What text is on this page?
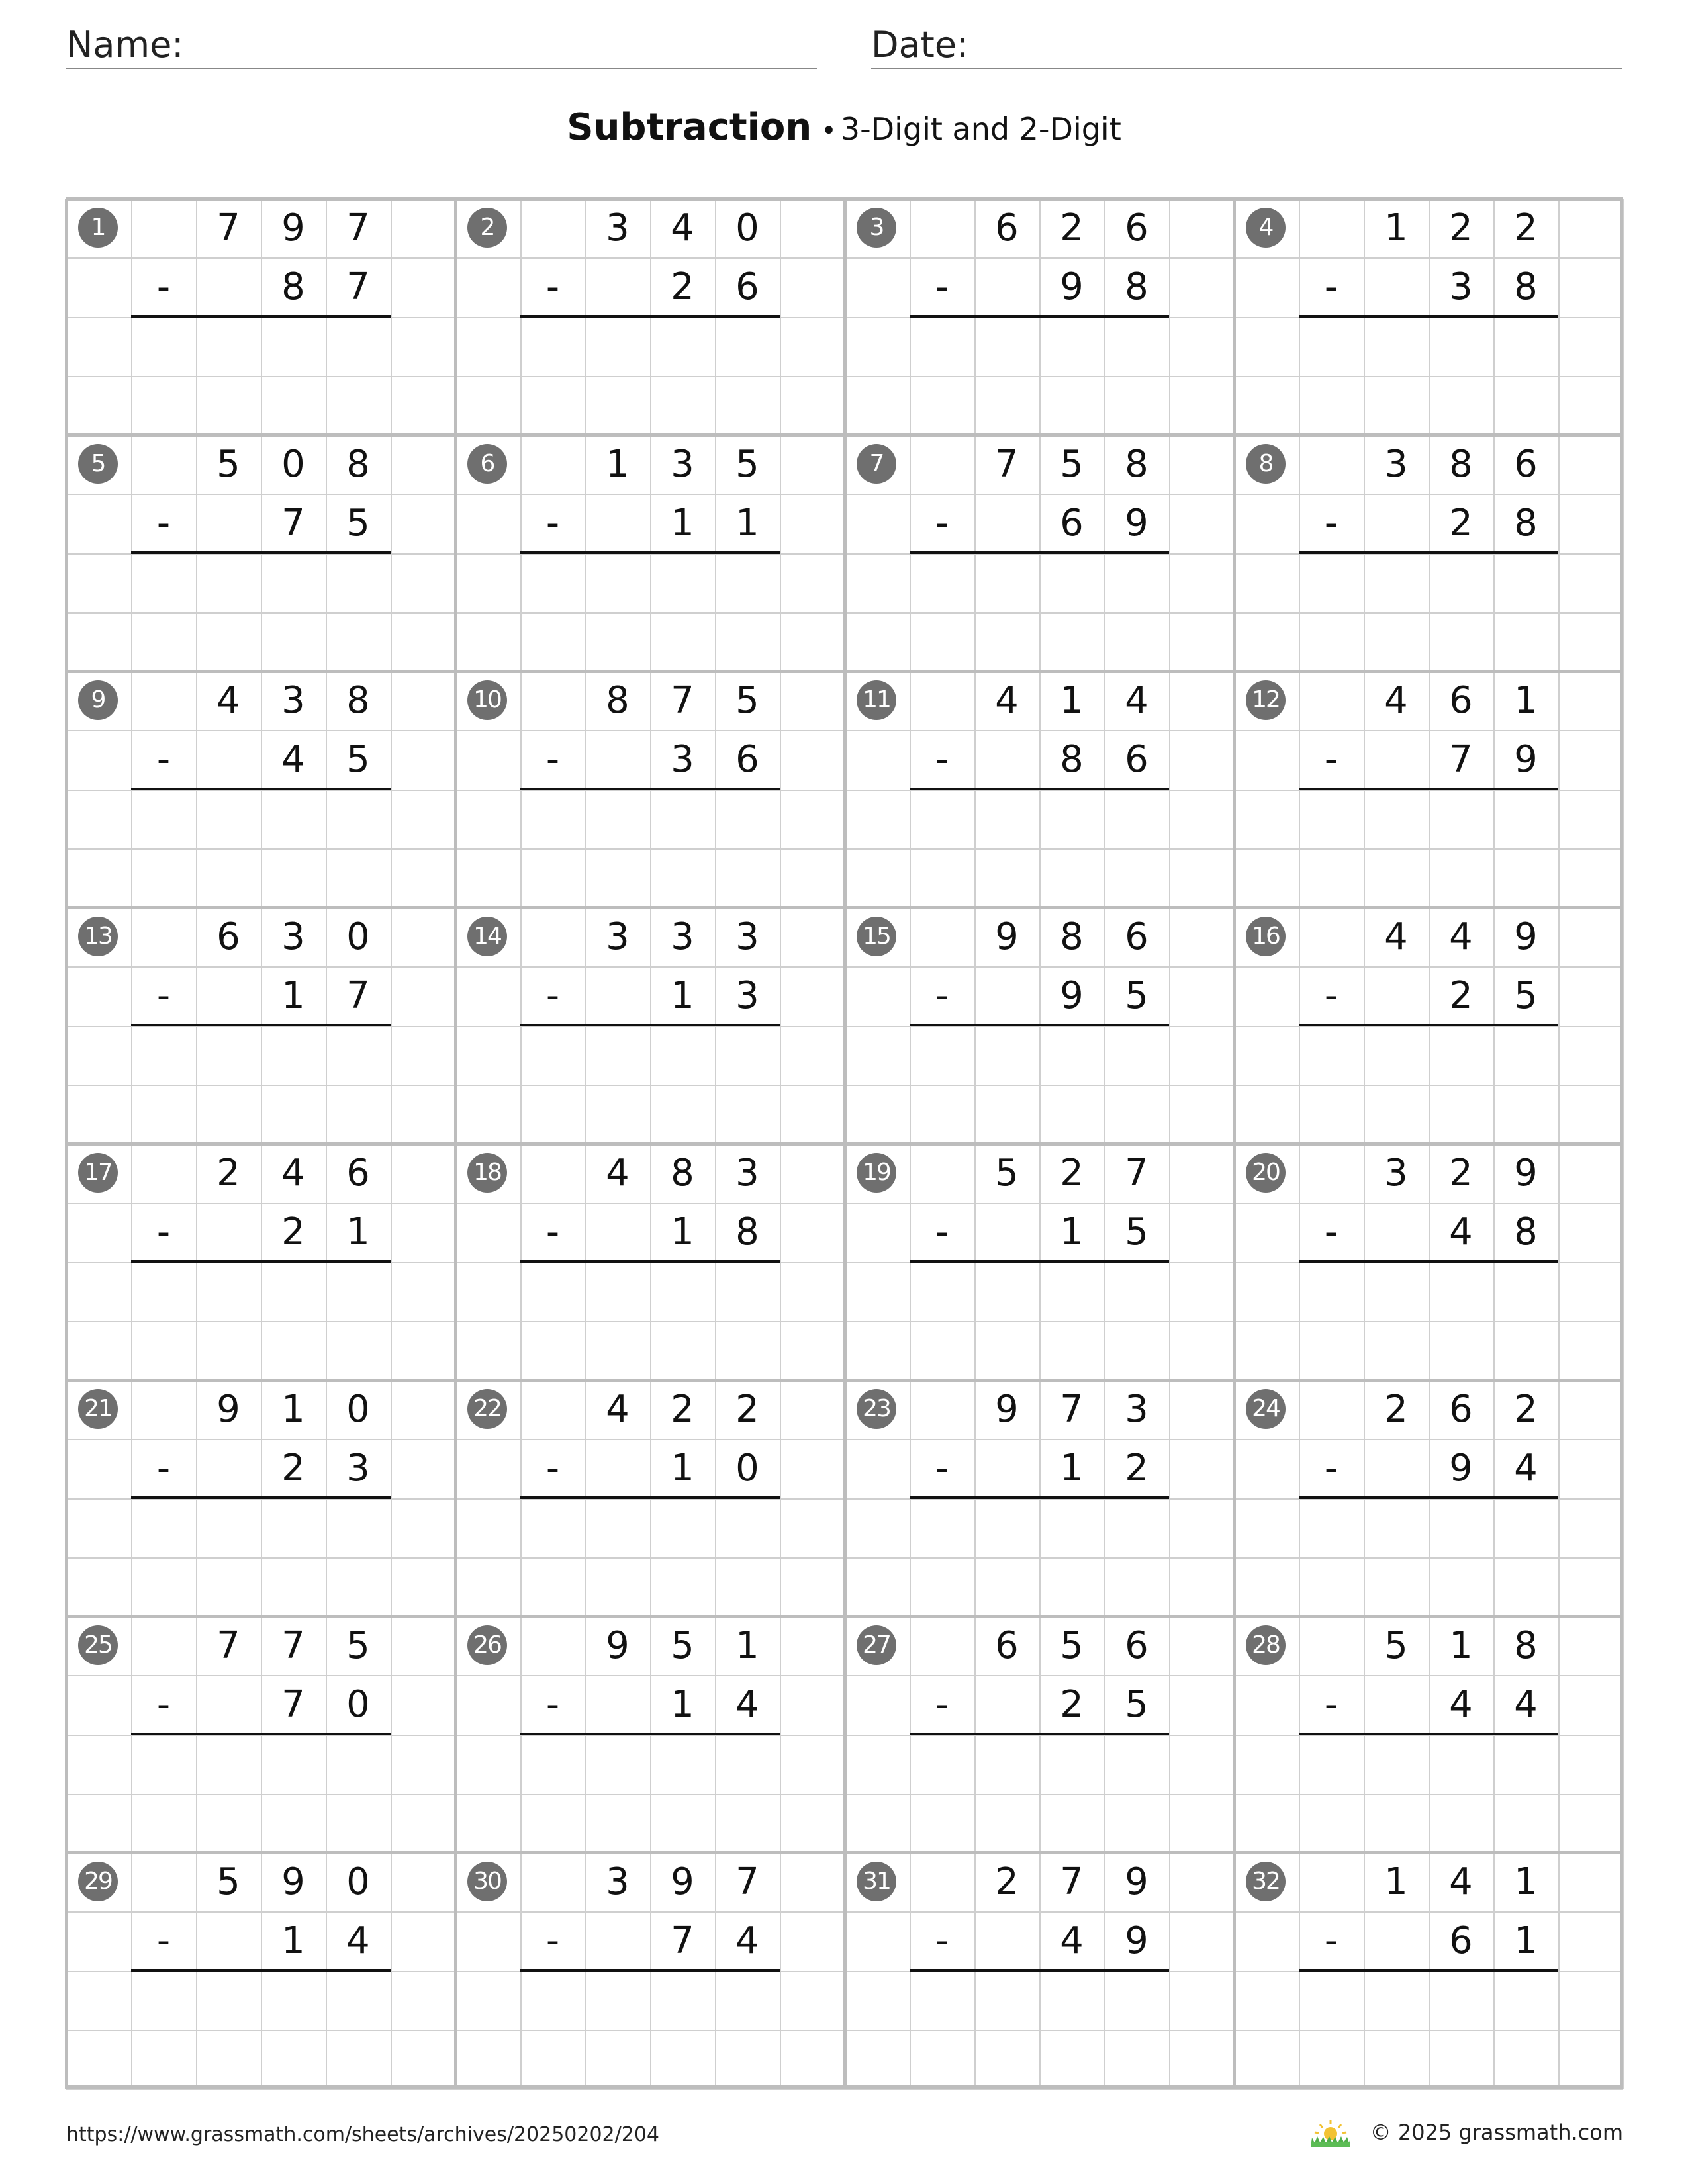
Name:	Date:
Subtraction • 3-Digit and 2-Digit
1	7	9	7
-	8	7
2	3	4	0
-	2	6
3	6	2	6
-	9	8
4	1	2	2
-	3	8
5	5	0	8
-	7	5
6	1	3	5
-	1	1
7	7	5	8
-	6	9
8	3	8	6
-	2	8
9	4	3	8
-	4	5
10	8	7	5
-	3	6
11	4	1	4
-	8	6
12	4	6	1
-	7	9
13	6	3	0
-	1	7
14	3	3	3
-	1	3
15	9	8	6
-	9	5
16	4	4	9
-	2	5
17	2	4	6
-	2	1
18	4	8	3
-	1	8
19	5	2	7
-	1	5
20	3	2	9
-	4	8
21	9	1	0
-	2	3
22	4	2	2
-	1	0
23	9	7	3
-	1	2
24	2	6	2
-	9	4
25	7	7	5
-	7	0
26	9	5	1
-	1	4
27	6	5	6
-	2	5
28	5	1	8
-	4	4
29	5	9	0
-	1	4
30	3	9	7
-	7	4
31	2	7	9
-	4	9
32	1	4	1
-	6	1
https://www.grassmath.com/sheets/archives/20250202/204	© 2025 grassmath.com
